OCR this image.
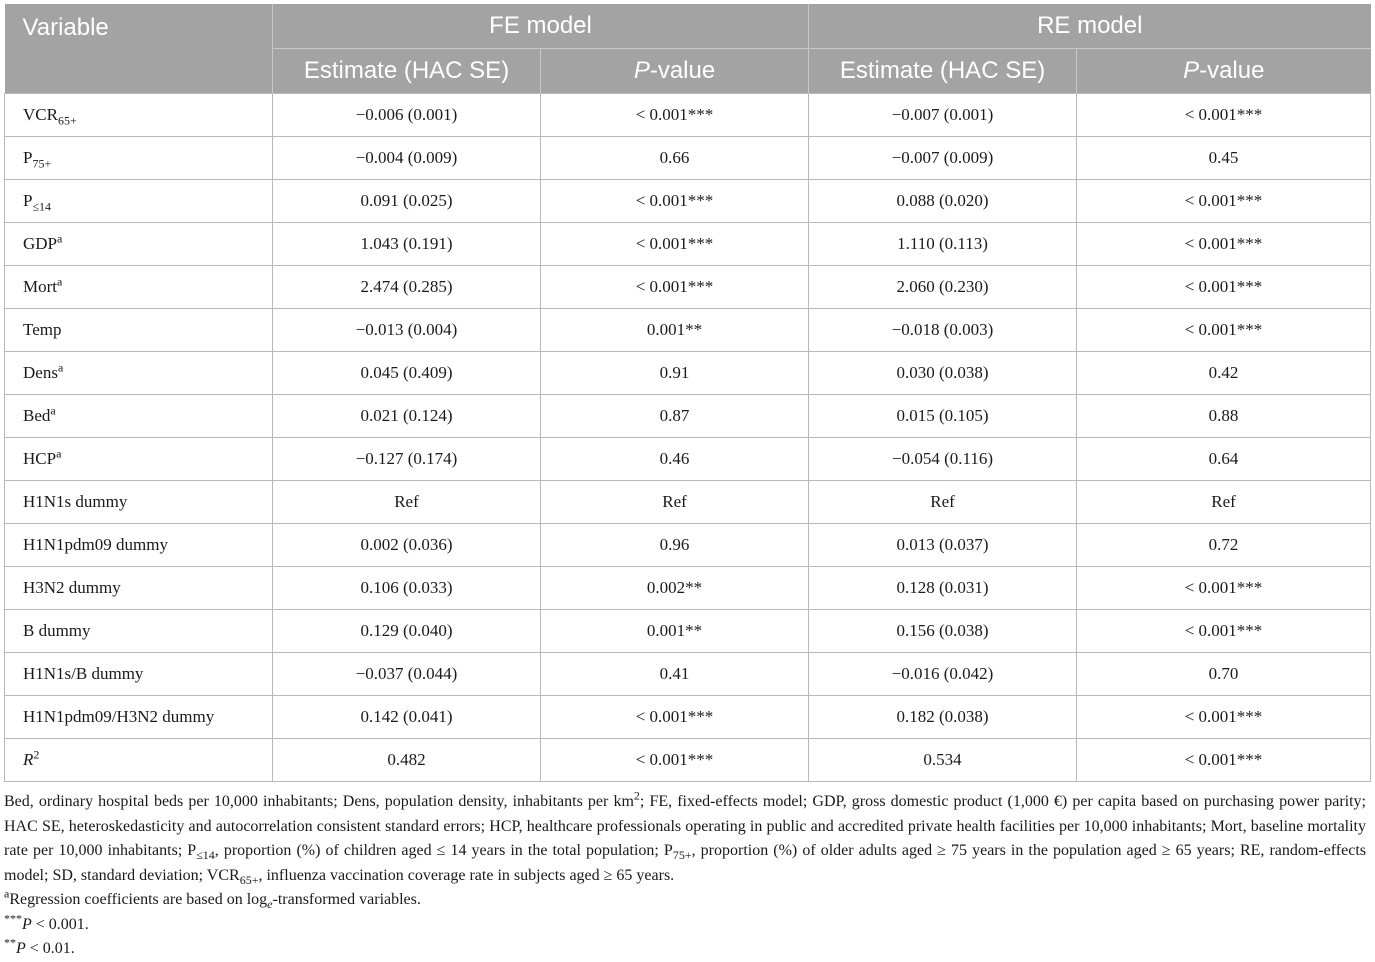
Variable	FE model		RE model	
	Estimate (HAC SE)	P-value	Estimate (HAC SE)	P-value
$VCR_{65+}$	−0.006 (0.001)	< 0.001***	−0.007 (0.001)	< 0.001***
$P_{75+}$	−0.004 (0.009)	0.66	−0.007 (0.009)	0.45
$P_{\le 14}$	0.091 (0.025)	< 0.001***	0.088 (0.020)	< 0.001***
GDP$^a$	1.043 (0.191)	< 0.001***	1.110 (0.113)	< 0.001***
Mort$^a$	2.474 (0.285)	< 0.001***	2.060 (0.230)	< 0.001***
Temp	−0.013 (0.004)	0.001**	−0.018 (0.003)	< 0.001***
Dens$^a$	0.045 (0.409)	0.91	0.030 (0.038)	0.42
Bed$^a$	0.021 (0.124)	0.87	0.015 (0.105)	0.88
$HCP^a$	−0.127 (0.174)	0.46	−0.054 (0.116)	0.64
H1N1s dummy	Ref	Ref	Ref	Ref
H1N1pdm09 dummy	0.002 (0.036)	0.96	0.013 (0.037)	0.72
H3N2 dummy	0.106 (0.033)	0.002**	0.128 (0.031)	< 0.001***
B dummy	0.129 (0.040)	0.001**	0.156 (0.038)	< 0.001***
H1N1s/B dummy	−0.037 (0.044)	0.41	−0.016 (0.042)	0.70
H1N1pdm09/H3N2 dummy	0.142 (0.041)	< 0.001***	0.182 (0.038)	< 0.001***
$R^2$	0.482	< 0.001***	0.534	< 0.001***

Bed, ordinary hospital beds per 10,000 inhabitants; Dens, population density, inhabitants per $km^2$; FE, fixed-effects model; GDP, gross domestic product (1,000 €) per capita based on purchasing power parity; HAC SE, heteroskedasticity and autocorrelation consistent standard errors; HCP, healthcare professionals operating in public and accredited private health facilities per 10,000 inhabitants; Mort, baseline mortality rate per 10,000 inhabitants; $P_{\le 14}$, proportion (%) of children aged ≤ 14 years in the total population; $P_{75+}$, proportion (%) of older adults aged ≥ 75 years in the population aged ≥ 65 years; RE, random-effects model; SD, standard deviation; $VCR_{65+}$, influenza vaccination coverage rate in subjects aged ≥ 65 years.

$^a$Regression coefficients are based on $\log_e$-transformed variables.

***P < 0.001.

**P < 0.01.
